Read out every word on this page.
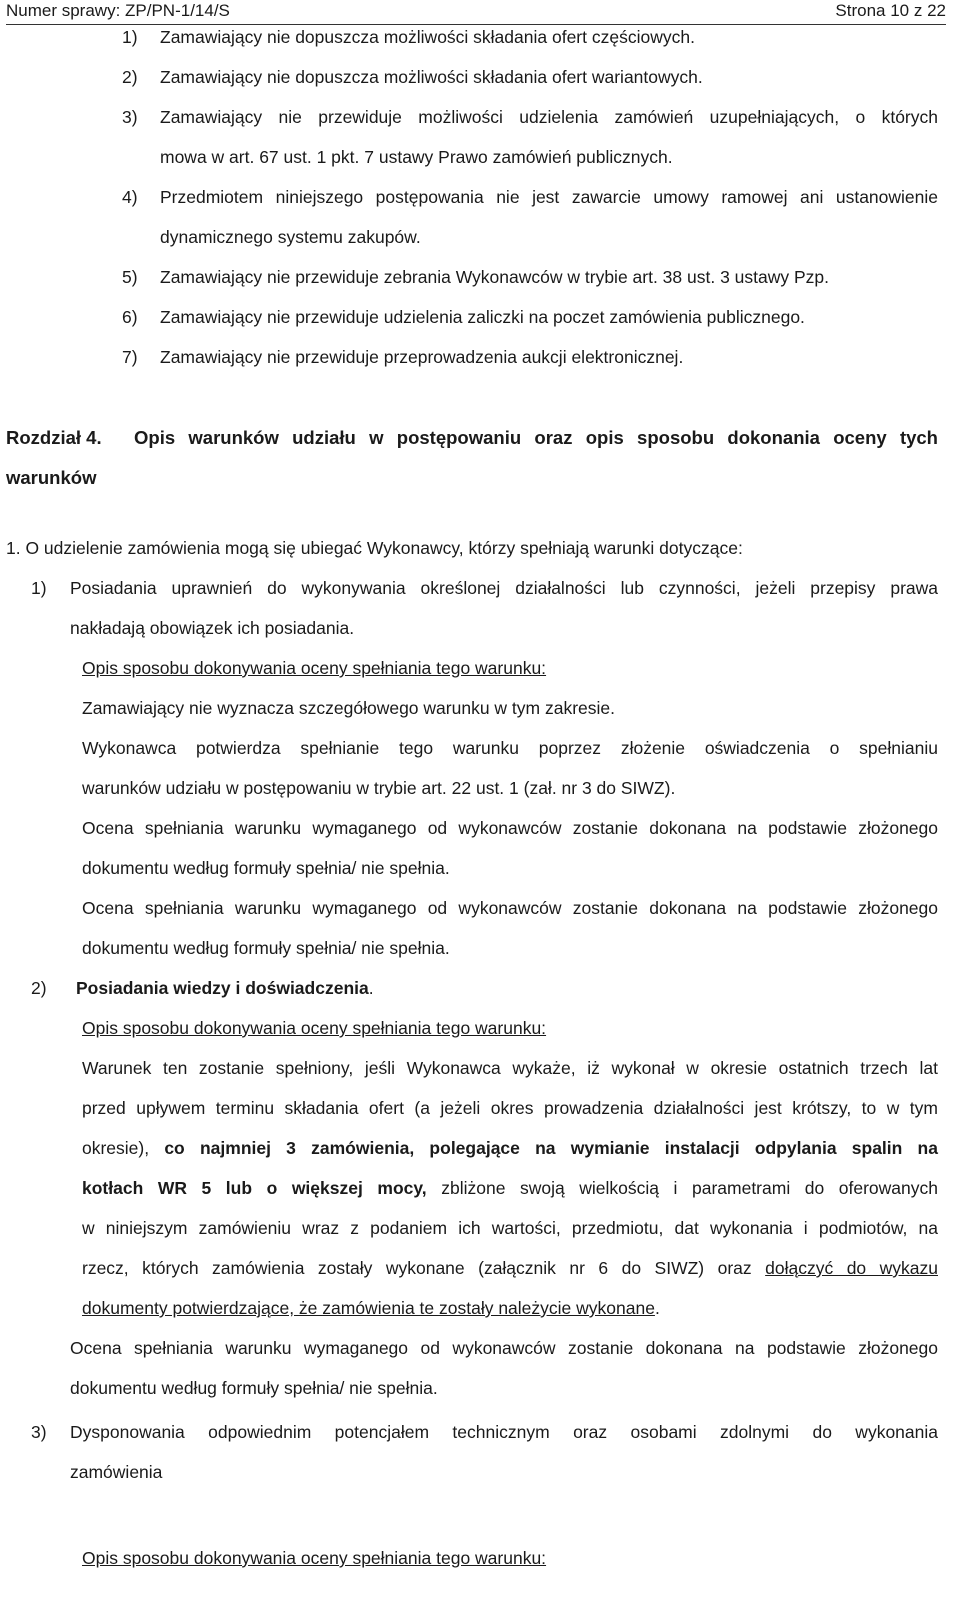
Numer sprawy: ZP/PN-1/14/S	Strona 10 z 22
1) Zamawiający nie dopuszcza możliwości składania ofert częściowych.
2) Zamawiający nie dopuszcza możliwości składania ofert wariantowych.
3) Zamawiający nie przewiduje możliwości udzielenia zamówień uzupełniających, o których
mowa w art. 67 ust. 1 pkt. 7 ustawy Prawo zamówień publicznych.
4) Przedmiotem niniejszego postępowania nie jest zawarcie umowy ramowej ani ustanowienie
dynamicznego systemu zakupów.
5) Zamawiający nie przewiduje zebrania Wykonawców w trybie art. 38 ust. 3 ustawy Pzp.
6) Zamawiający nie przewiduje udzielenia zaliczki na poczet zamówienia publicznego.
7) Zamawiający nie przewiduje przeprowadzenia aukcji elektronicznej.
Rozdział 4. Opis warunków udziału w postępowaniu oraz opis sposobu dokonania oceny tych
warunków
1. O udzielenie zamówienia mogą się ubiegać Wykonawcy, którzy spełniają warunki dotyczące:
1) Posiadania uprawnień do wykonywania określonej działalności lub czynności, jeżeli przepisy prawa
nakładają obowiązek ich posiadania.
Opis sposobu dokonywania oceny spełniania tego warunku:
Zamawiający nie wyznacza szczegółowego warunku w tym zakresie.
Wykonawca potwierdza spełnianie tego warunku poprzez złożenie oświadczenia o spełnianiu
warunków udziału w postępowaniu w trybie art. 22 ust. 1 (zał. nr 3 do SIWZ).
Ocena spełniania warunku wymaganego od wykonawców zostanie dokonana na podstawie złożonego
dokumentu według formuły spełnia/ nie spełnia.
Ocena spełniania warunku wymaganego od wykonawców zostanie dokonana na podstawie złożonego
dokumentu według formuły spełnia/ nie spełnia.
2) Posiadania wiedzy i doświadczenia.
Opis sposobu dokonywania oceny spełniania tego warunku:
Warunek ten zostanie spełniony, jeśli Wykonawca wykaże, iż wykonał w okresie ostatnich trzech lat
przed upływem terminu składania ofert (a jeżeli okres prowadzenia działalności jest krótszy, to w tym
okresie), co najmniej 3 zamówienia, polegające na wymianie instalacji odpylania spalin na
kotłach WR 5 lub o większej mocy, zbliżone swoją wielkością i parametrami do oferowanych
w niniejszym zamówieniu wraz z podaniem ich wartości, przedmiotu, dat wykonania i podmiotów, na
rzecz, których zamówienia zostały wykonane (załącznik nr 6 do SIWZ) oraz dołączyć do wykazu
dokumenty potwierdzające, że zamówienia te zostały należycie wykonane.
Ocena spełniania warunku wymaganego od wykonawców zostanie dokonana na podstawie złożonego
dokumentu według formuły spełnia/ nie spełnia.
3) Dysponowania odpowiednim potencjałem technicznym oraz osobami zdolnymi do wykonania
zamówienia
Opis sposobu dokonywania oceny spełniania tego warunku:
